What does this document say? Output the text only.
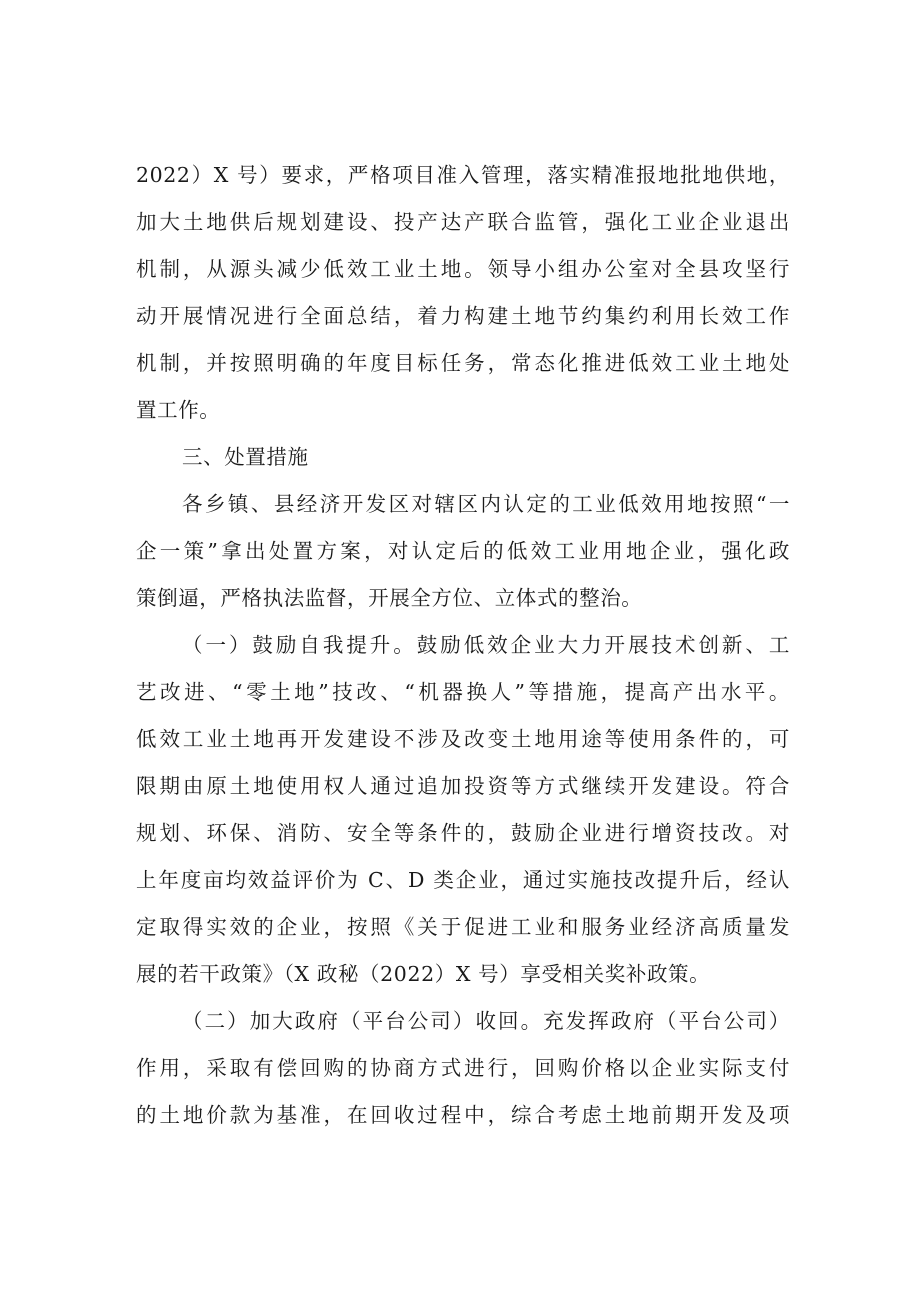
2022）X 号）要求，严格项目准入管理，落实精准报地批地供地，
加大土地供后规划建设、投产达产联合监管，强化工业企业退出
机制，从源头减少低效工业土地。领导小组办公室对全县攻坚行
动开展情况进行全面总结，着力构建土地节约集约利用长效工作
机制，并按照明确的年度目标任务，常态化推进低效工业土地处
置工作。
三、处置措施
各乡镇、县经济开发区对辖区内认定的工业低效用地按照“一
企一策”拿出处置方案，对认定后的低效工业用地企业，强化政
策倒逼，严格执法监督，开展全方位、立体式的整治。
（一）鼓励自我提升。鼓励低效企业大力开展技术创新、工
艺改进、“零土地”技改、“机器换人”等措施，提高产出水平。
低效工业土地再开发建设不涉及改变土地用途等使用条件的，可
限期由原土地使用权人通过追加投资等方式继续开发建设。符合
规划、环保、消防、安全等条件的，鼓励企业进行增资技改。对
上年度亩均效益评价为 C、D 类企业，通过实施技改提升后，经认
定取得实效的企业，按照《关于促进工业和服务业经济高质量发
展的若干政策》（X 政秘（2022）X 号）享受相关奖补政策。
（二）加大政府（平台公司）收回。充发挥政府（平台公司）
作用，采取有偿回购的协商方式进行，回购价格以企业实际支付
的土地价款为基准，在回收过程中，综合考虑土地前期开发及项
